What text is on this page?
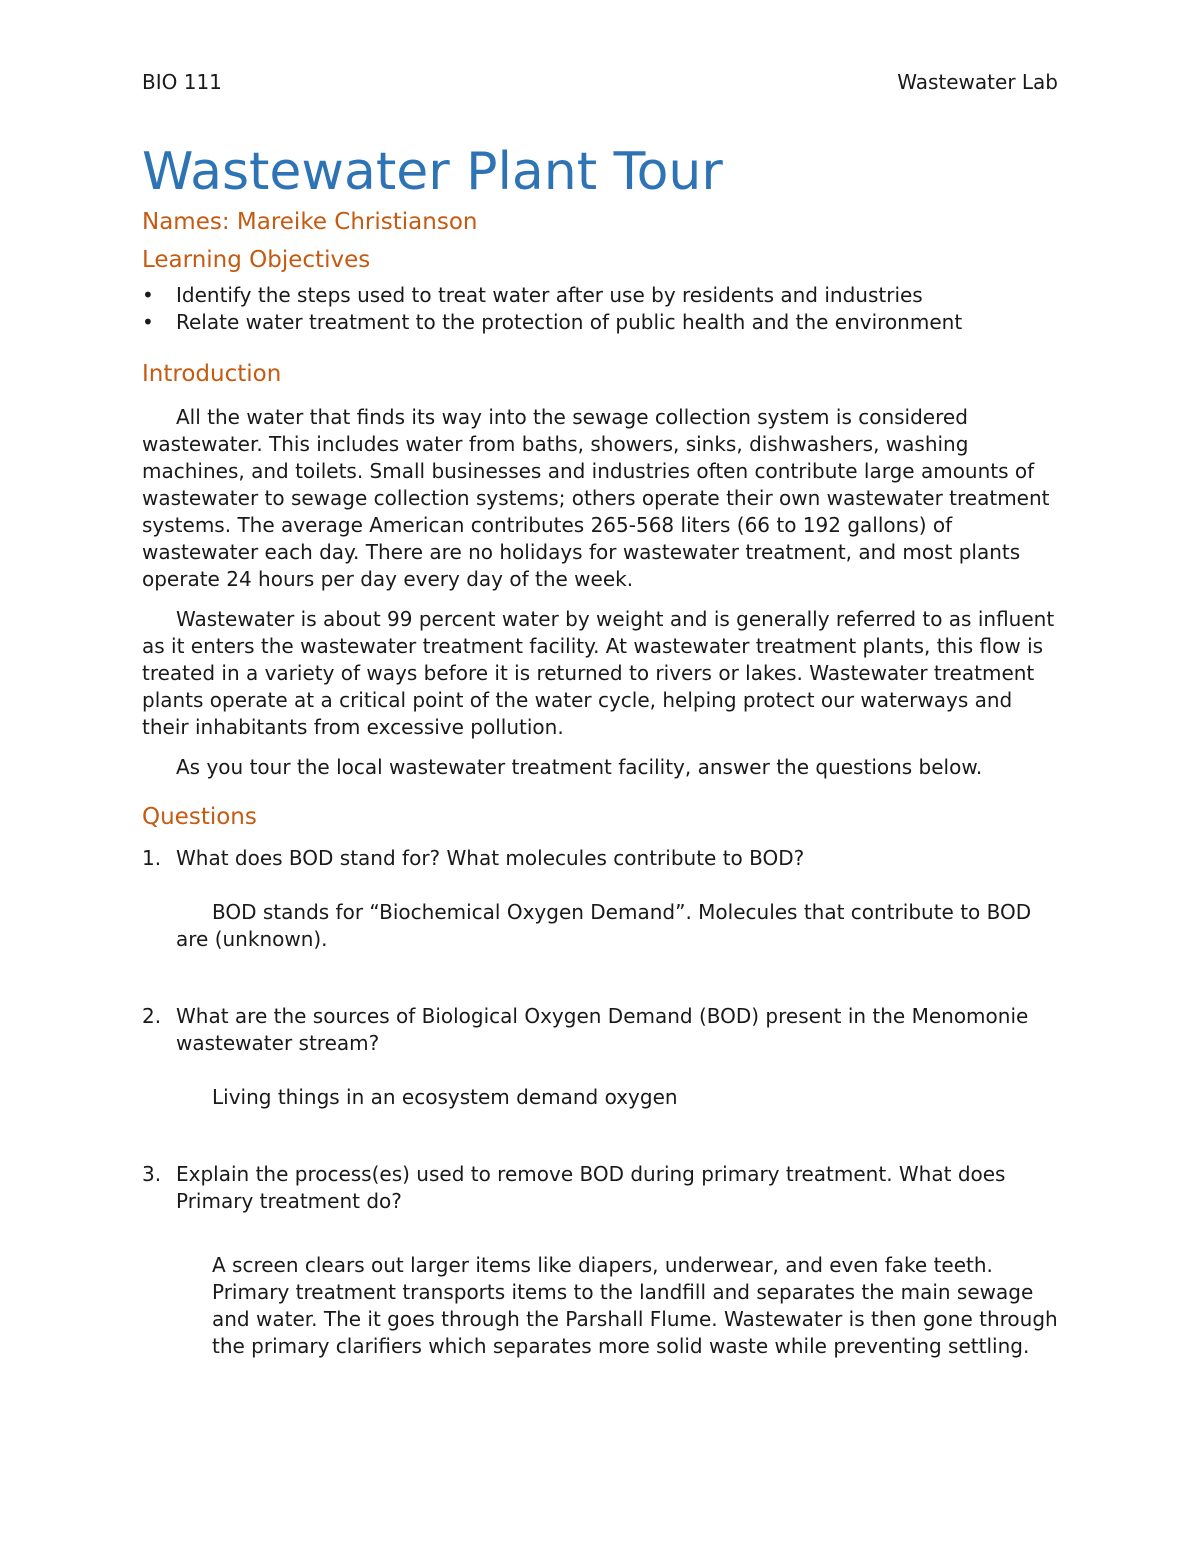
BIO 111	Wastewater Lab
Wastewater Plant Tour
Names: Mareike Christianson
Learning Objectives
• Identify the steps used to treat water after use by residents and industries
• Relate water treatment to the protection of public health and the environment
Introduction

All the water that finds its way into the sewage collection system is considered wastewater. This includes water from baths, showers, sinks, dishwashers, washing machines, and toilets. Small businesses and industries often contribute large amounts of wastewater to sewage collection systems; others operate their own wastewater treatment systems. The average American contributes 265-568 liters (66 to 192 gallons) of wastewater each day. There are no holidays for wastewater treatment, and most plants operate 24 hours per day every day of the week.

Wastewater is about 99 percent water by weight and is generally referred to as influent as it enters the wastewater treatment facility. At wastewater treatment plants, this flow is treated in a variety of ways before it is returned to rivers or lakes. Wastewater treatment plants operate at a critical point of the water cycle, helping protect our waterways and their inhabitants from excessive pollution.

As you tour the local wastewater treatment facility, answer the questions below.

Questions
1. What does BOD stand for? What molecules contribute to BOD?
BOD stands for “Biochemical Oxygen Demand”. Molecules that contribute to BOD are (unknown).
2. What are the sources of Biological Oxygen Demand (BOD) present in the Menomonie wastewater stream?
Living things in an ecosystem demand oxygen
3. Explain the process(es) used to remove BOD during primary treatment. What does Primary treatment do?
A screen clears out larger items like diapers, underwear, and even fake teeth. Primary treatment transports items to the landfill and separates the main sewage and water. The it goes through the Parshall Flume. Wastewater is then gone through the primary clarifiers which separates more solid waste while preventing settling.
